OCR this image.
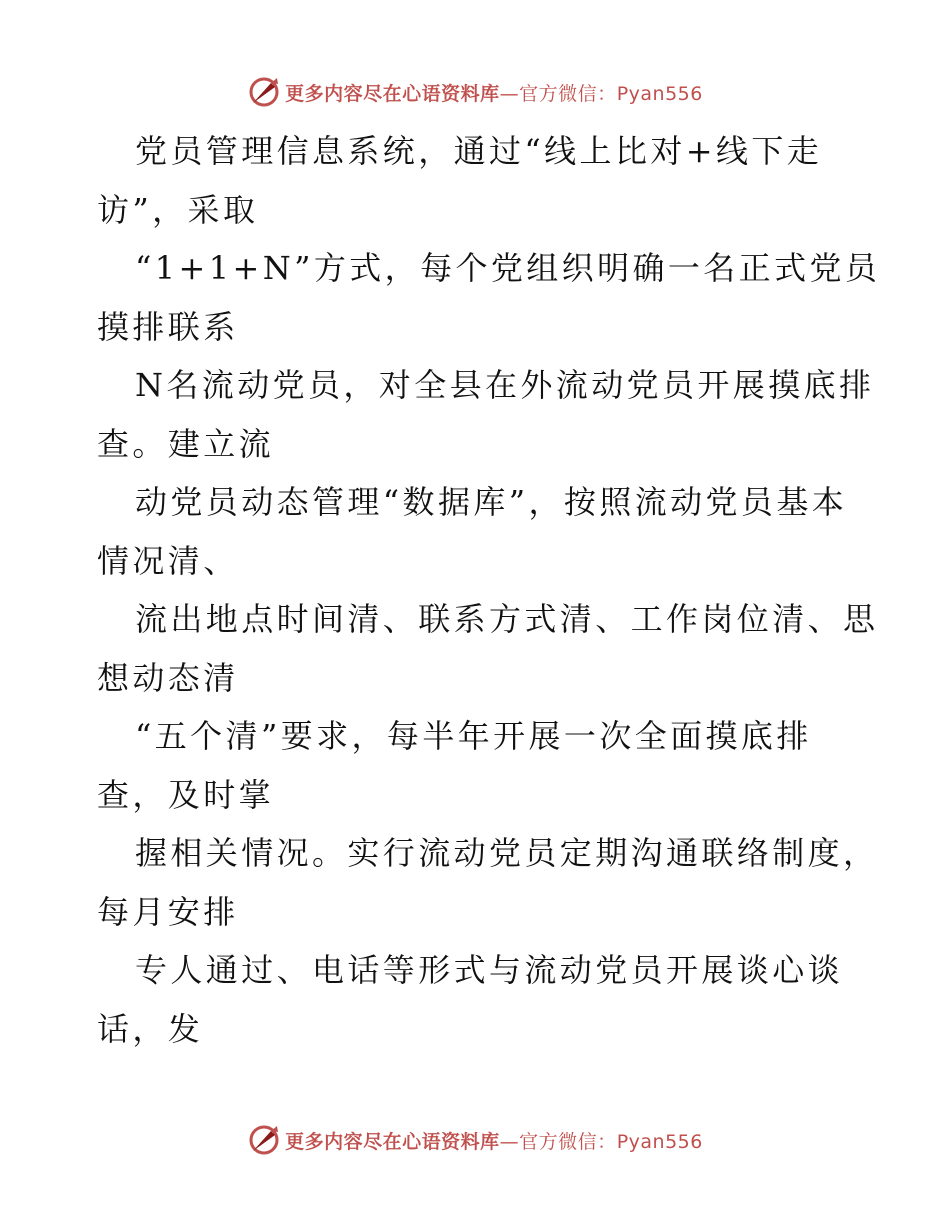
更多内容尽在心语资料库—官方微信：Pyan556
党员管理信息系统，通过“线上比对+线下走
访”，采取
“1+1+N”方式，每个党组织明确一名正式党员
摸排联系
N名流动党员，对全县在外流动党员开展摸底排
查。建立流
动党员动态管理“数据库”，按照流动党员基本
情况清、
流出地点时间清、联系方式清、工作岗位清、思
想动态清
“五个清”要求，每半年开展一次全面摸底排
查，及时掌
握相关情况。实行流动党员定期沟通联络制度，
每月安排
专人通过、电话等形式与流动党员开展谈心谈
话，发
更多内容尽在心语资料库—官方微信：Pyan556
